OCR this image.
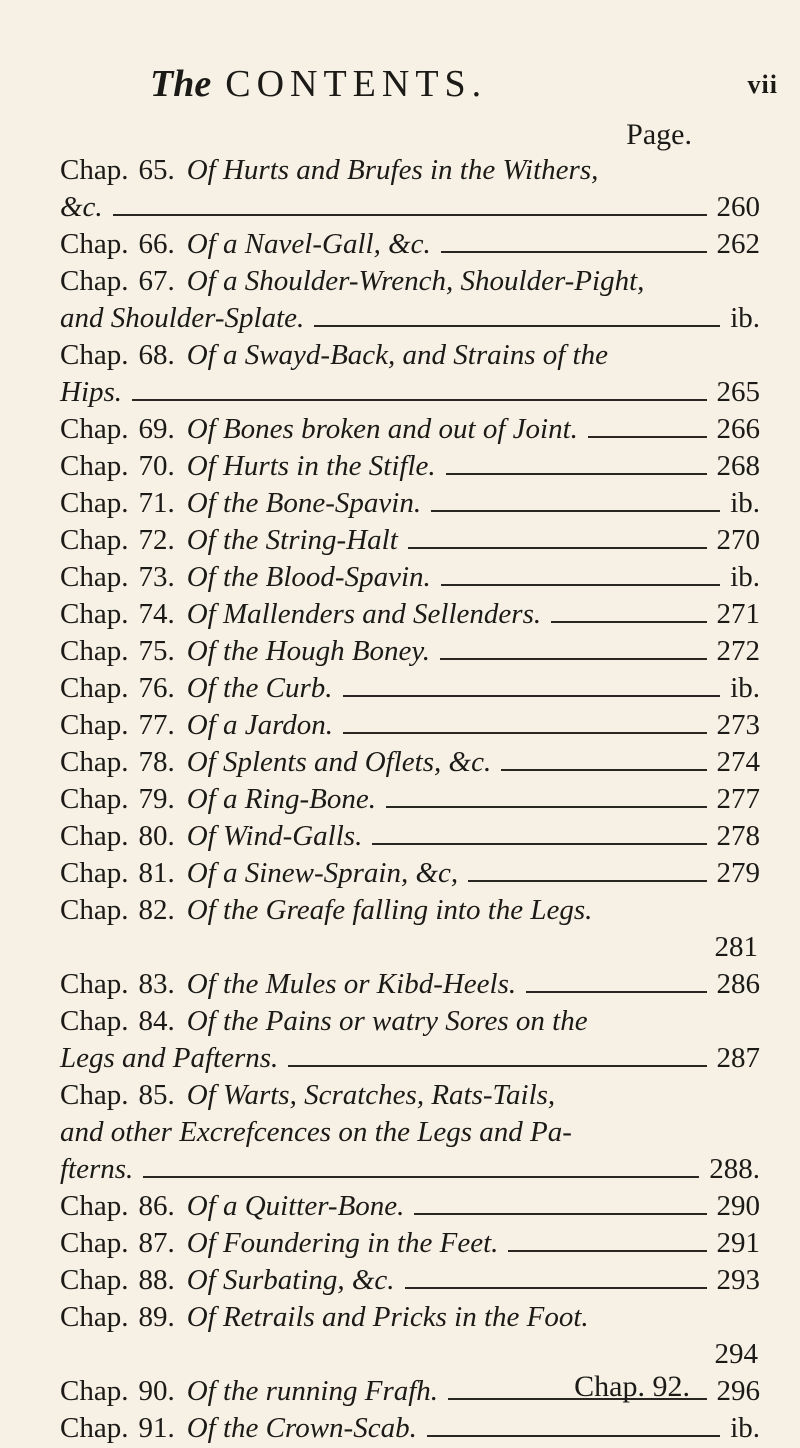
The CONTENTS.	vii
Page.
Chap. 65. Of Hurts and Brufes in the Withers,
&c.	260
Chap. 66. Of a Navel-Gall, &c.	262
Chap. 67. Of a Shoulder-Wrench, Shoulder-Pight,
and Shoulder-Splate.	ib.
Chap. 68. Of a Swayd-Back, and Strains of the
Hips.	265
Chap. 69. Of Bones broken and out of Joint.	266
Chap. 70. Of Hurts in the Stifle.	268
Chap. 71. Of the Bone-Spavin.	ib.
Chap. 72. Of the String-Halt	270
Chap. 73. Of the Blood-Spavin.	ib.
Chap. 74. Of Mallenders and Sellenders.	271
Chap. 75. Of the Hough Boney.	272
Chap. 76. Of the Curb.	ib.
Chap. 77. Of a Jardon.	273
Chap. 78. Of Splents and Oflets, &c.	274
Chap. 79. Of a Ring-Bone.	277
Chap. 80. Of Wind-Galls.	278
Chap. 81. Of a Sinew-Sprain, &c,	279
Chap. 82. Of the Greafe falling into the Legs.
281
Chap. 83. Of the Mules or Kibd-Heels.	286
Chap. 84. Of the Pains or watry Sores on the
Legs and Pafterns.	287
Chap. 85. Of Warts, Scratches, Rats-Tails,
and other Excrefcences on the Legs and Pa-
fterns.	288.
Chap. 86. Of a Quitter-Bone.	290
Chap. 87. Of Foundering in the Feet.	291
Chap. 88. Of Surbating, &c.	293
Chap. 89. Of Retrails and Pricks in the Foot.
294
Chap. 90. Of the running Frafh.	296
Chap. 91. Of the Crown-Scab.	ib.
Chap. 92.
